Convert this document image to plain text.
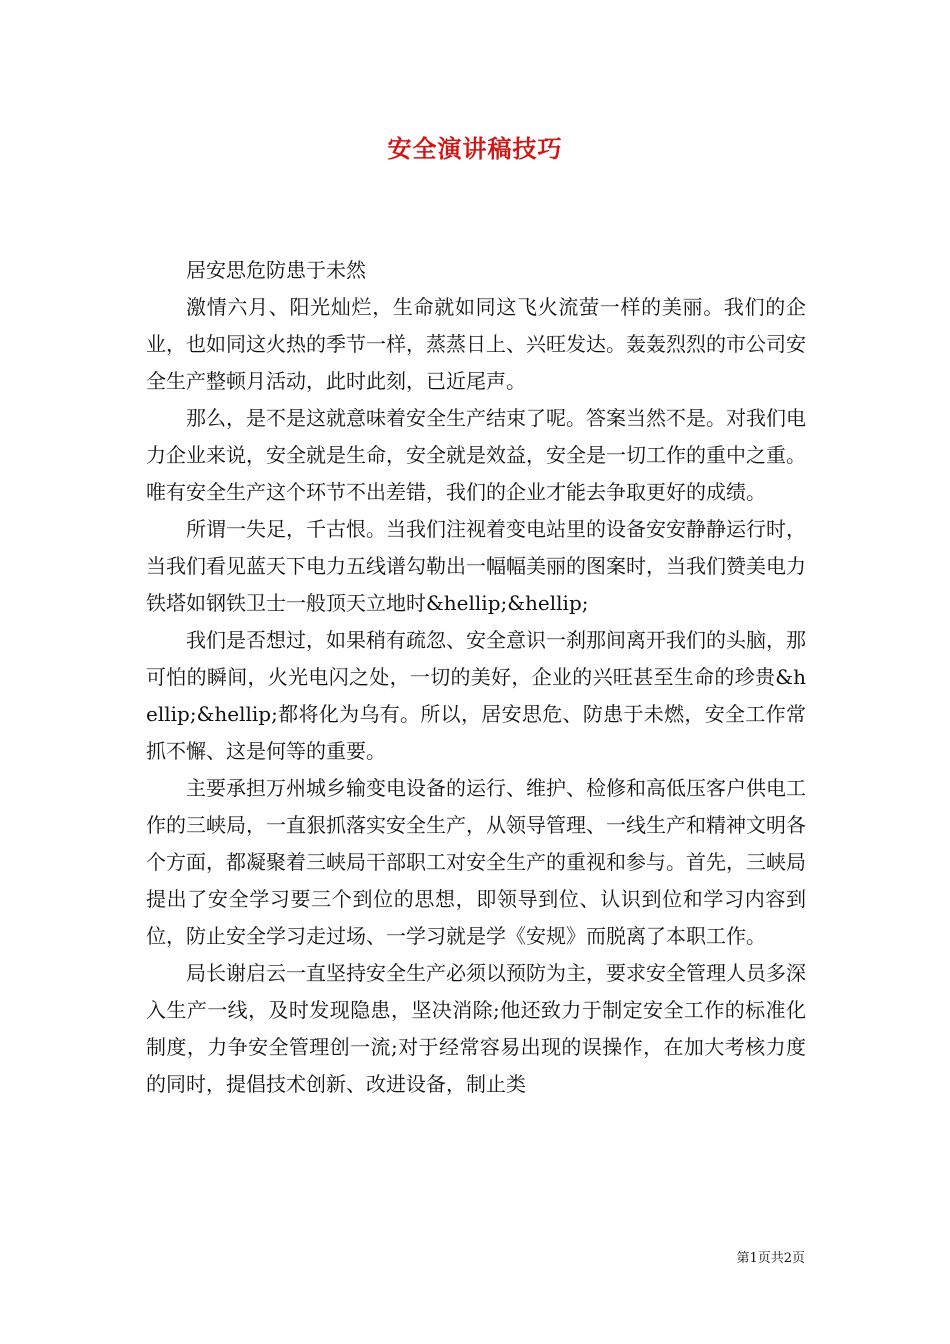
安全演讲稿技巧

居安思危防患于未然

激情六月、阳光灿烂，生命就如同这飞火流萤一样的美丽。我们的企业，也如同这火热的季节一样，蒸蒸日上、兴旺发达。轰轰烈烈的市公司安全生产整顿月活动，此时此刻，已近尾声。

那么，是不是这就意味着安全生产结束了呢。答案当然不是。对我们电力企业来说，安全就是生命，安全就是效益，安全是一切工作的重中之重。唯有安全生产这个环节不出差错，我们的企业才能去争取更好的成绩。

所谓一失足，千古恨。当我们注视着变电站里的设备安安静静运行时，当我们看见蓝天下电力五线谱勾勒出一幅幅美丽的图案时，当我们赞美电力铁塔如钢铁卫士一般顶天立地时&hellip;&hellip;

我们是否想过，如果稍有疏忽、安全意识一刹那间离开我们的头脑，那可怕的瞬间，火光电闪之处，一切的美好，企业的兴旺甚至生命的珍贵&hellip;&hellip;都将化为乌有。所以，居安思危、防患于未燃，安全工作常抓不懈、这是何等的重要。

主要承担万州城乡输变电设备的运行、维护、检修和高低压客户供电工作的三峡局，一直狠抓落实安全生产，从领导管理、一线生产和精神文明各个方面，都凝聚着三峡局干部职工对安全生产的重视和参与。首先，三峡局提出了安全学习要三个到位的思想，即领导到位、认识到位和学习内容到位，防止安全学习走过场、一学习就是学《安规》而脱离了本职工作。

局长谢启云一直坚持安全生产必须以预防为主，要求安全管理人员多深入生产一线，及时发现隐患，坚决消除;他还致力于制定安全工作的标准化制度，力争安全管理创一流;对于经常容易出现的误操作，在加大考核力度的同时，提倡技术创新、改进设备，制止类

第1页共2页
